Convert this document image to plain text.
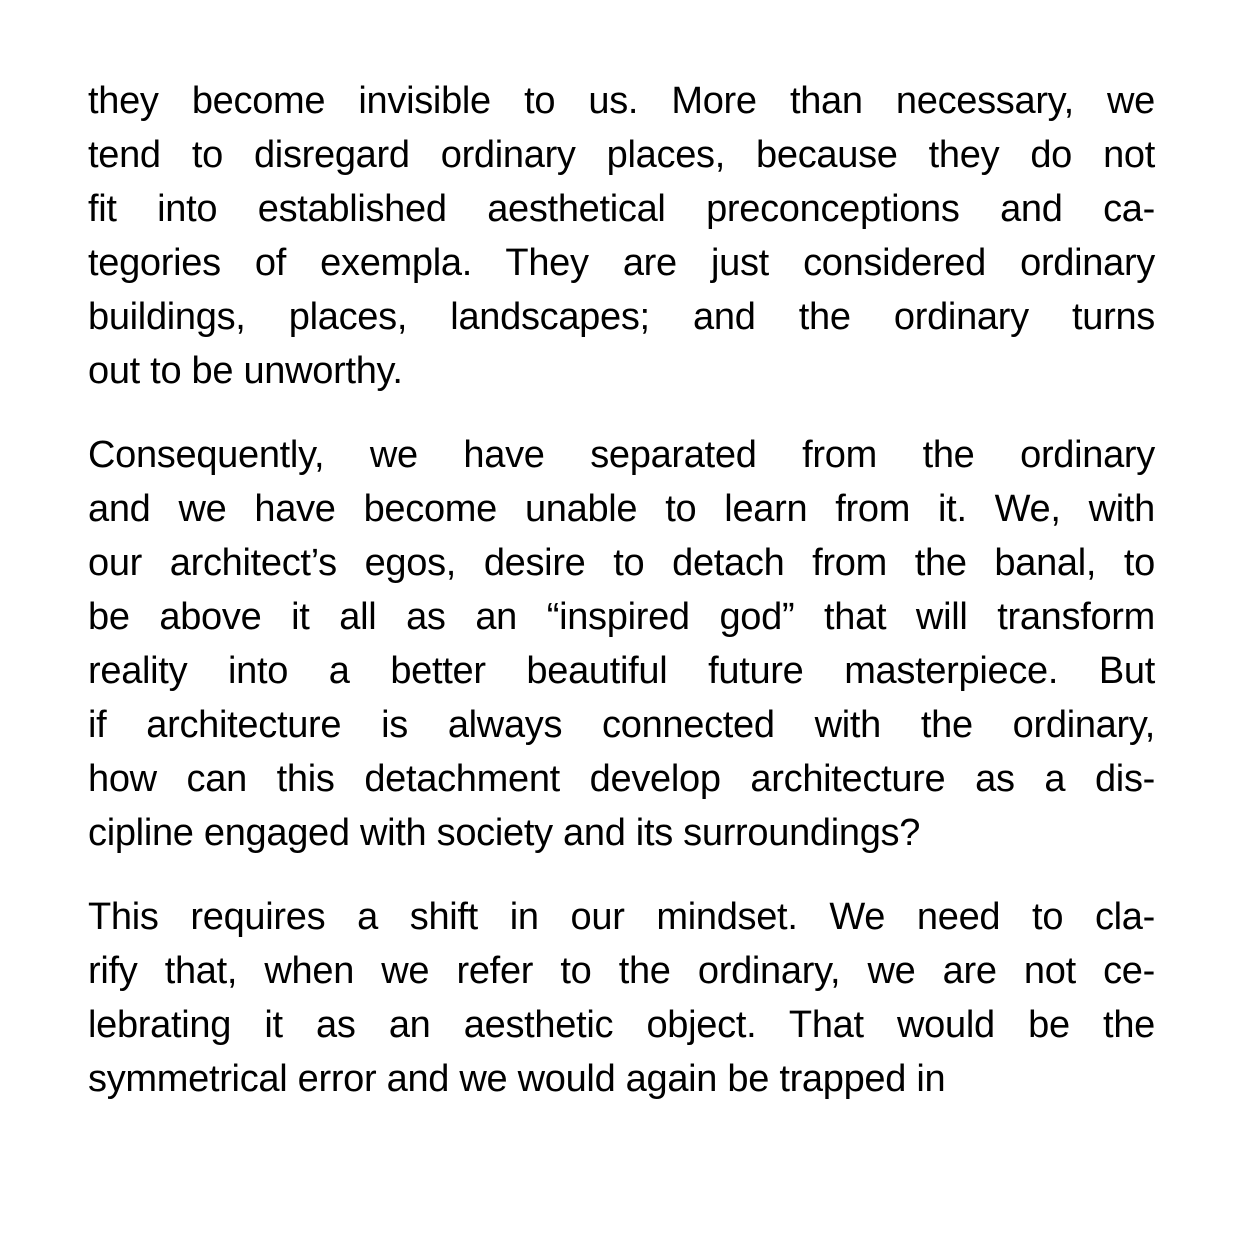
they become invisible to us. More than necessary, we
tend to disregard ordinary places, because they do not
fit into established aesthetical preconceptions and ca-
tegories of exempla. They are just considered ordinary
buildings, places, landscapes; and the ordinary turns
out to be unworthy.
Consequently, we have separated from the ordinary
and we have become unable to learn from it. We, with
our architect’s egos, desire to detach from the banal, to
be above it all as an “inspired god” that will transform
reality into a better beautiful future masterpiece. But
if architecture is always connected with the ordinary,
how can this detachment develop architecture as a dis-
cipline engaged with society and its surroundings?
This requires a shift in our mindset. We need to cla-
rify that, when we refer to the ordinary, we are not ce-
lebrating it as an aesthetic object. That would be the
symmetrical error and we would again be trapped in
